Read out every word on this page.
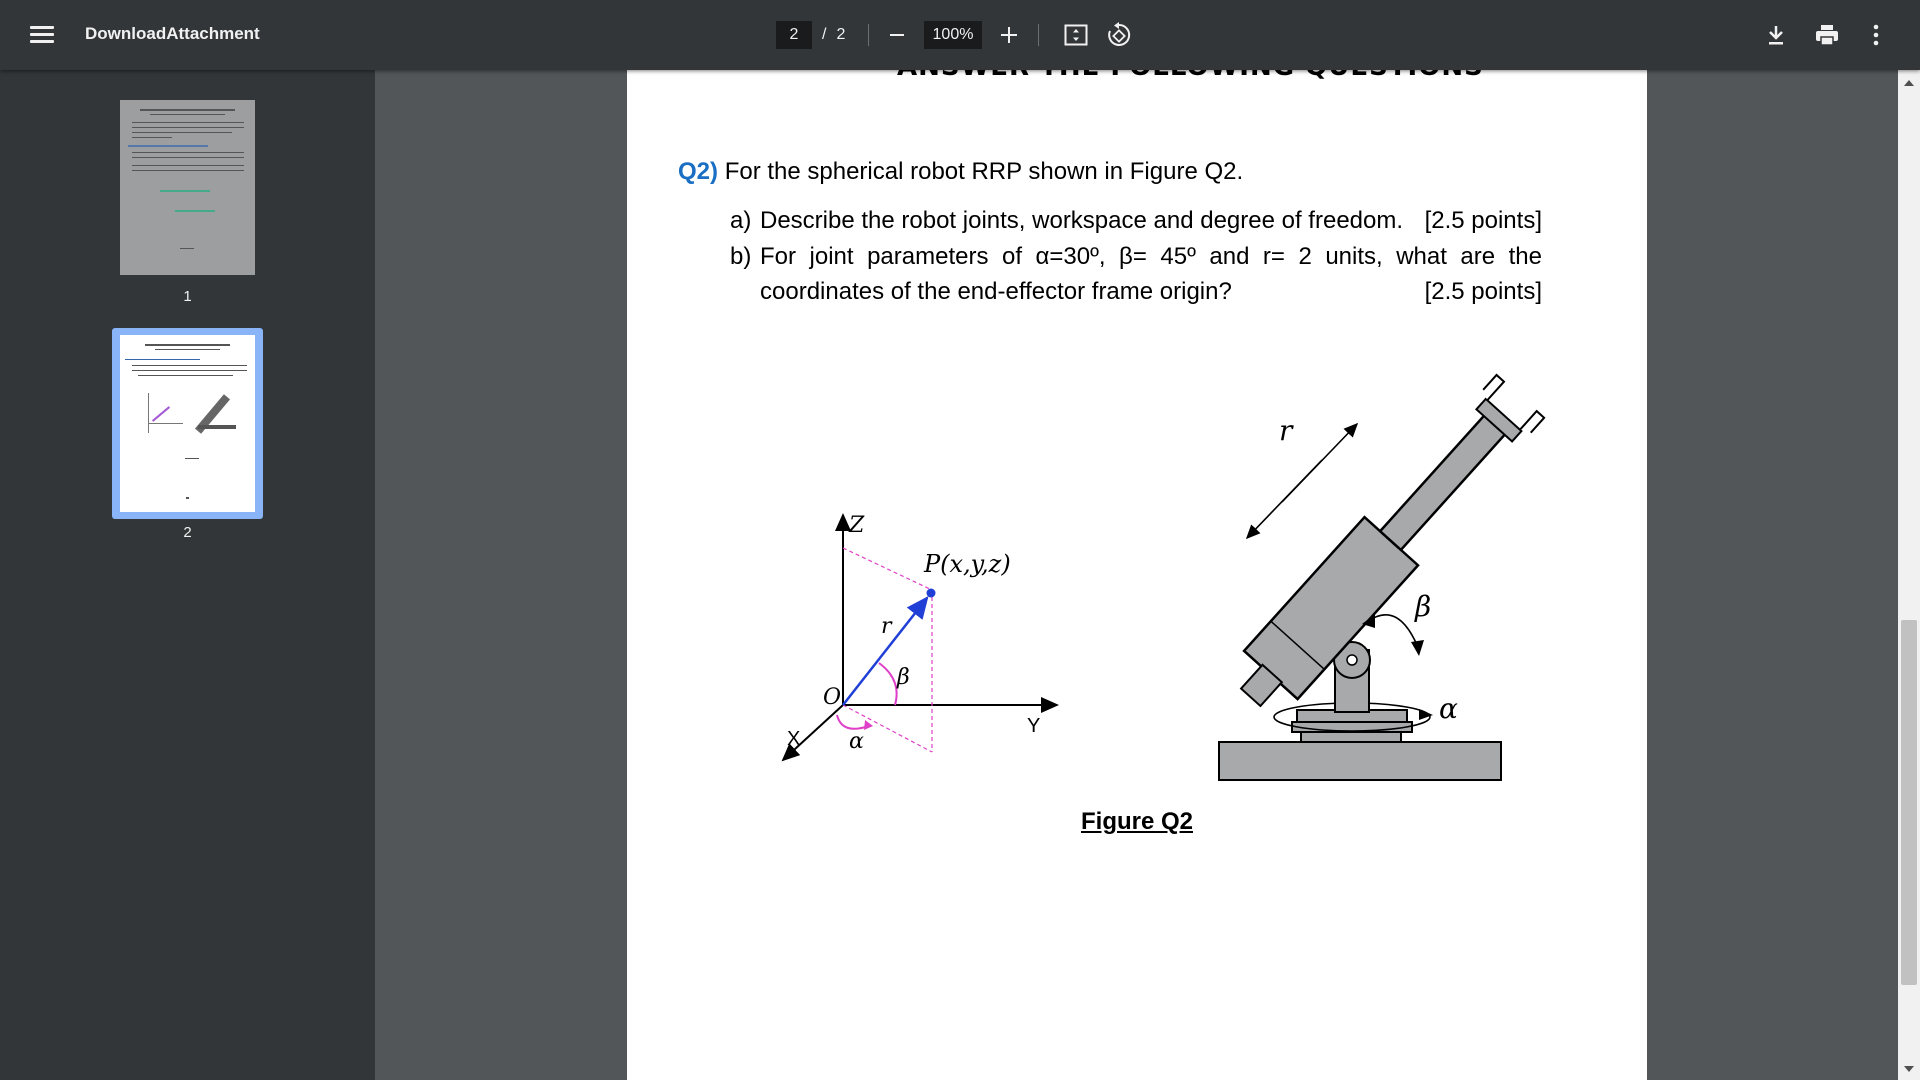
DownloadAttachment
2	/ 2
100%
1
2
Q2) For the spherical robot RRP shown in Figure Q2.
a) Describe the robot joints, workspace and degree of freedom. [2.5 points]
b) For joint parameters of α=30º, β= 45º and r= 2 units, what are the
coordinates of the end-effector frame origin?	[2.5 points]
Z
Y
X
O
P(x,y,z)
r
β
α
r
β
α
Figure Q2
